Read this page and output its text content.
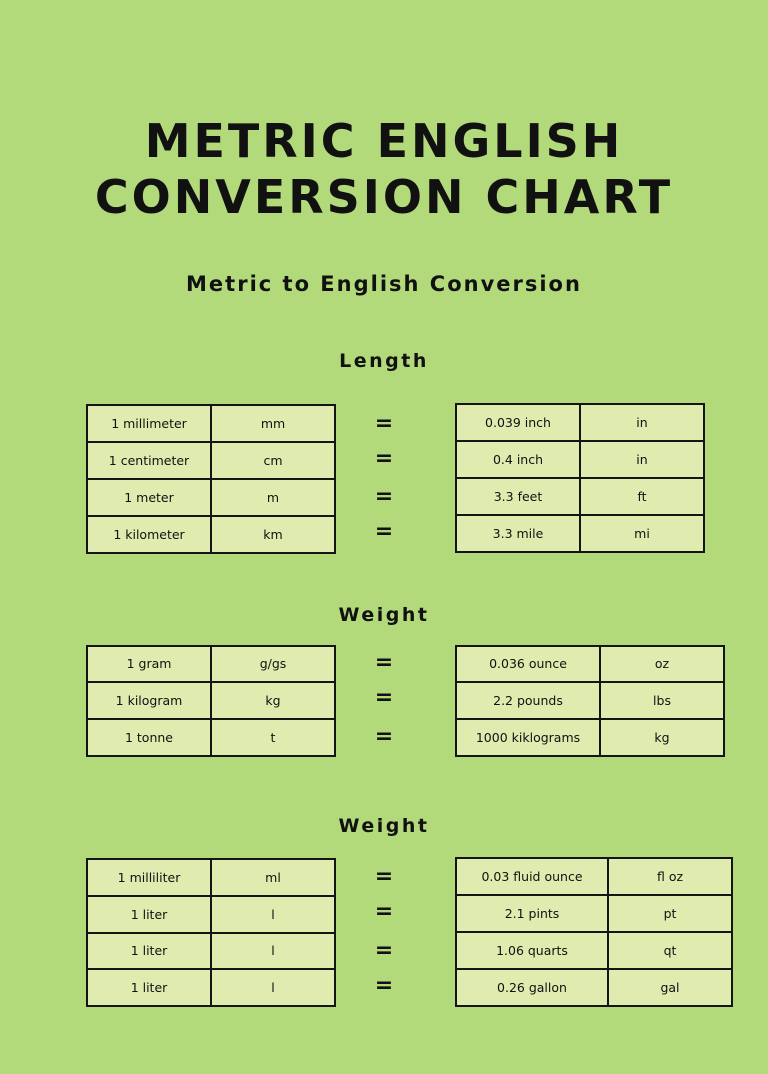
METRIC ENGLISH
CONVERSION CHART
Metric to English Conversion
Length
1 millimeter	mm
1 centimeter	cm
1 meter	m
1 kilometer	km
=
=
=
=
0.039 inch	in
0.4 inch	in
3.3 feet	ft
3.3 mile	mi
Weight
1 gram	g/gs
1 kilogram	kg
1 tonne	t
=
=
=
0.036 ounce	oz
2.2 pounds	lbs
1000 kiklograms	kg
Weight
1 milliliter	ml
1 liter	l
1 liter	l
1 liter	l
=
=
=
=
0.03 fluid ounce	fl oz
2.1 pints	pt
1.06 quarts	qt
0.26 gallon	gal
